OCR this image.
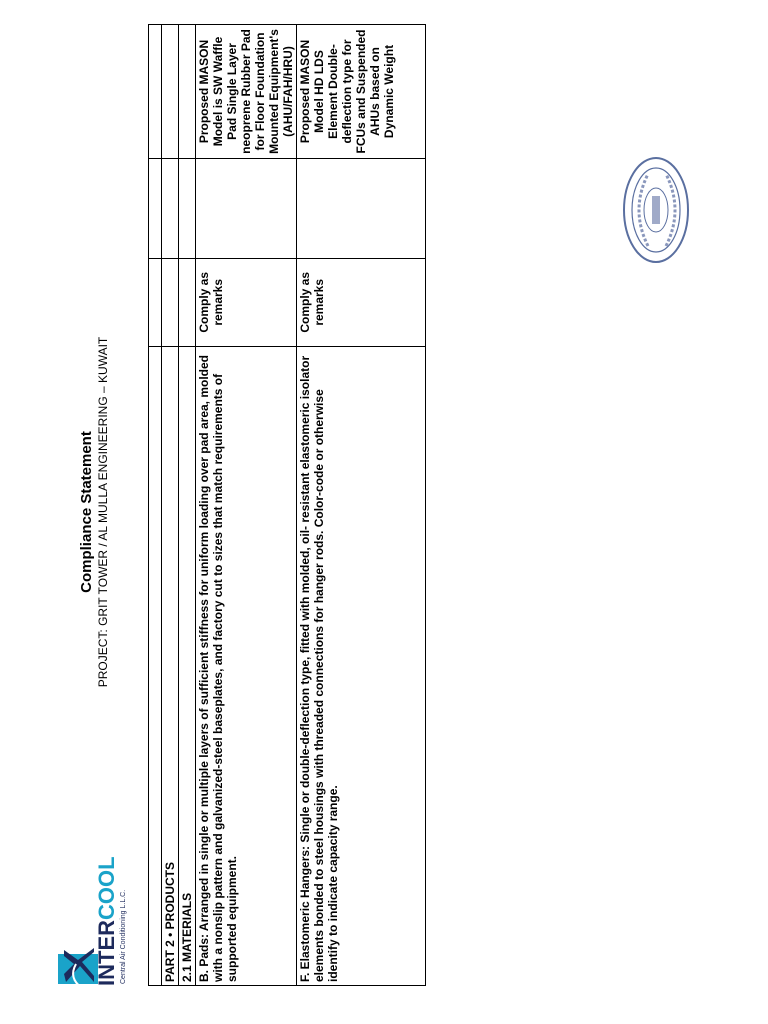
INTERCOOL
Central Air Conditioning L.L.C.
Compliance Statement PROJECT: GRIT TOWER / AL MULLA ENGINEERING – KUWAIT

PART 2 • PRODUCTS			
2.1 MATERIALS			
B. Pads: Arranged in single or multiple layers of sufficient stiffness for uniform loading over pad area, molded with a nonslip pattern and galvanized-steel baseplates, and factory cut to sizes that match requirements of supported equipment.	Comply as remarks		Proposed MASON Model is SW Waffle Pad Single Layer neoprene Rubber Pad for Floor Foundation Mounted Equipment's (AHU/FAH/HRU)
F. Elastomeric Hangers: Single or double-deflection type, fitted with molded, oil- resistant elastomeric isolator elements bonded to steel housings with threaded connections for hanger rods. Color-code or otherwise identify to indicate capacity range.	Comply as remarks		Proposed MASON Model HD LDS Element Double-deflection type for FCUs and Suspended AHUs based on Dynamic Weight
